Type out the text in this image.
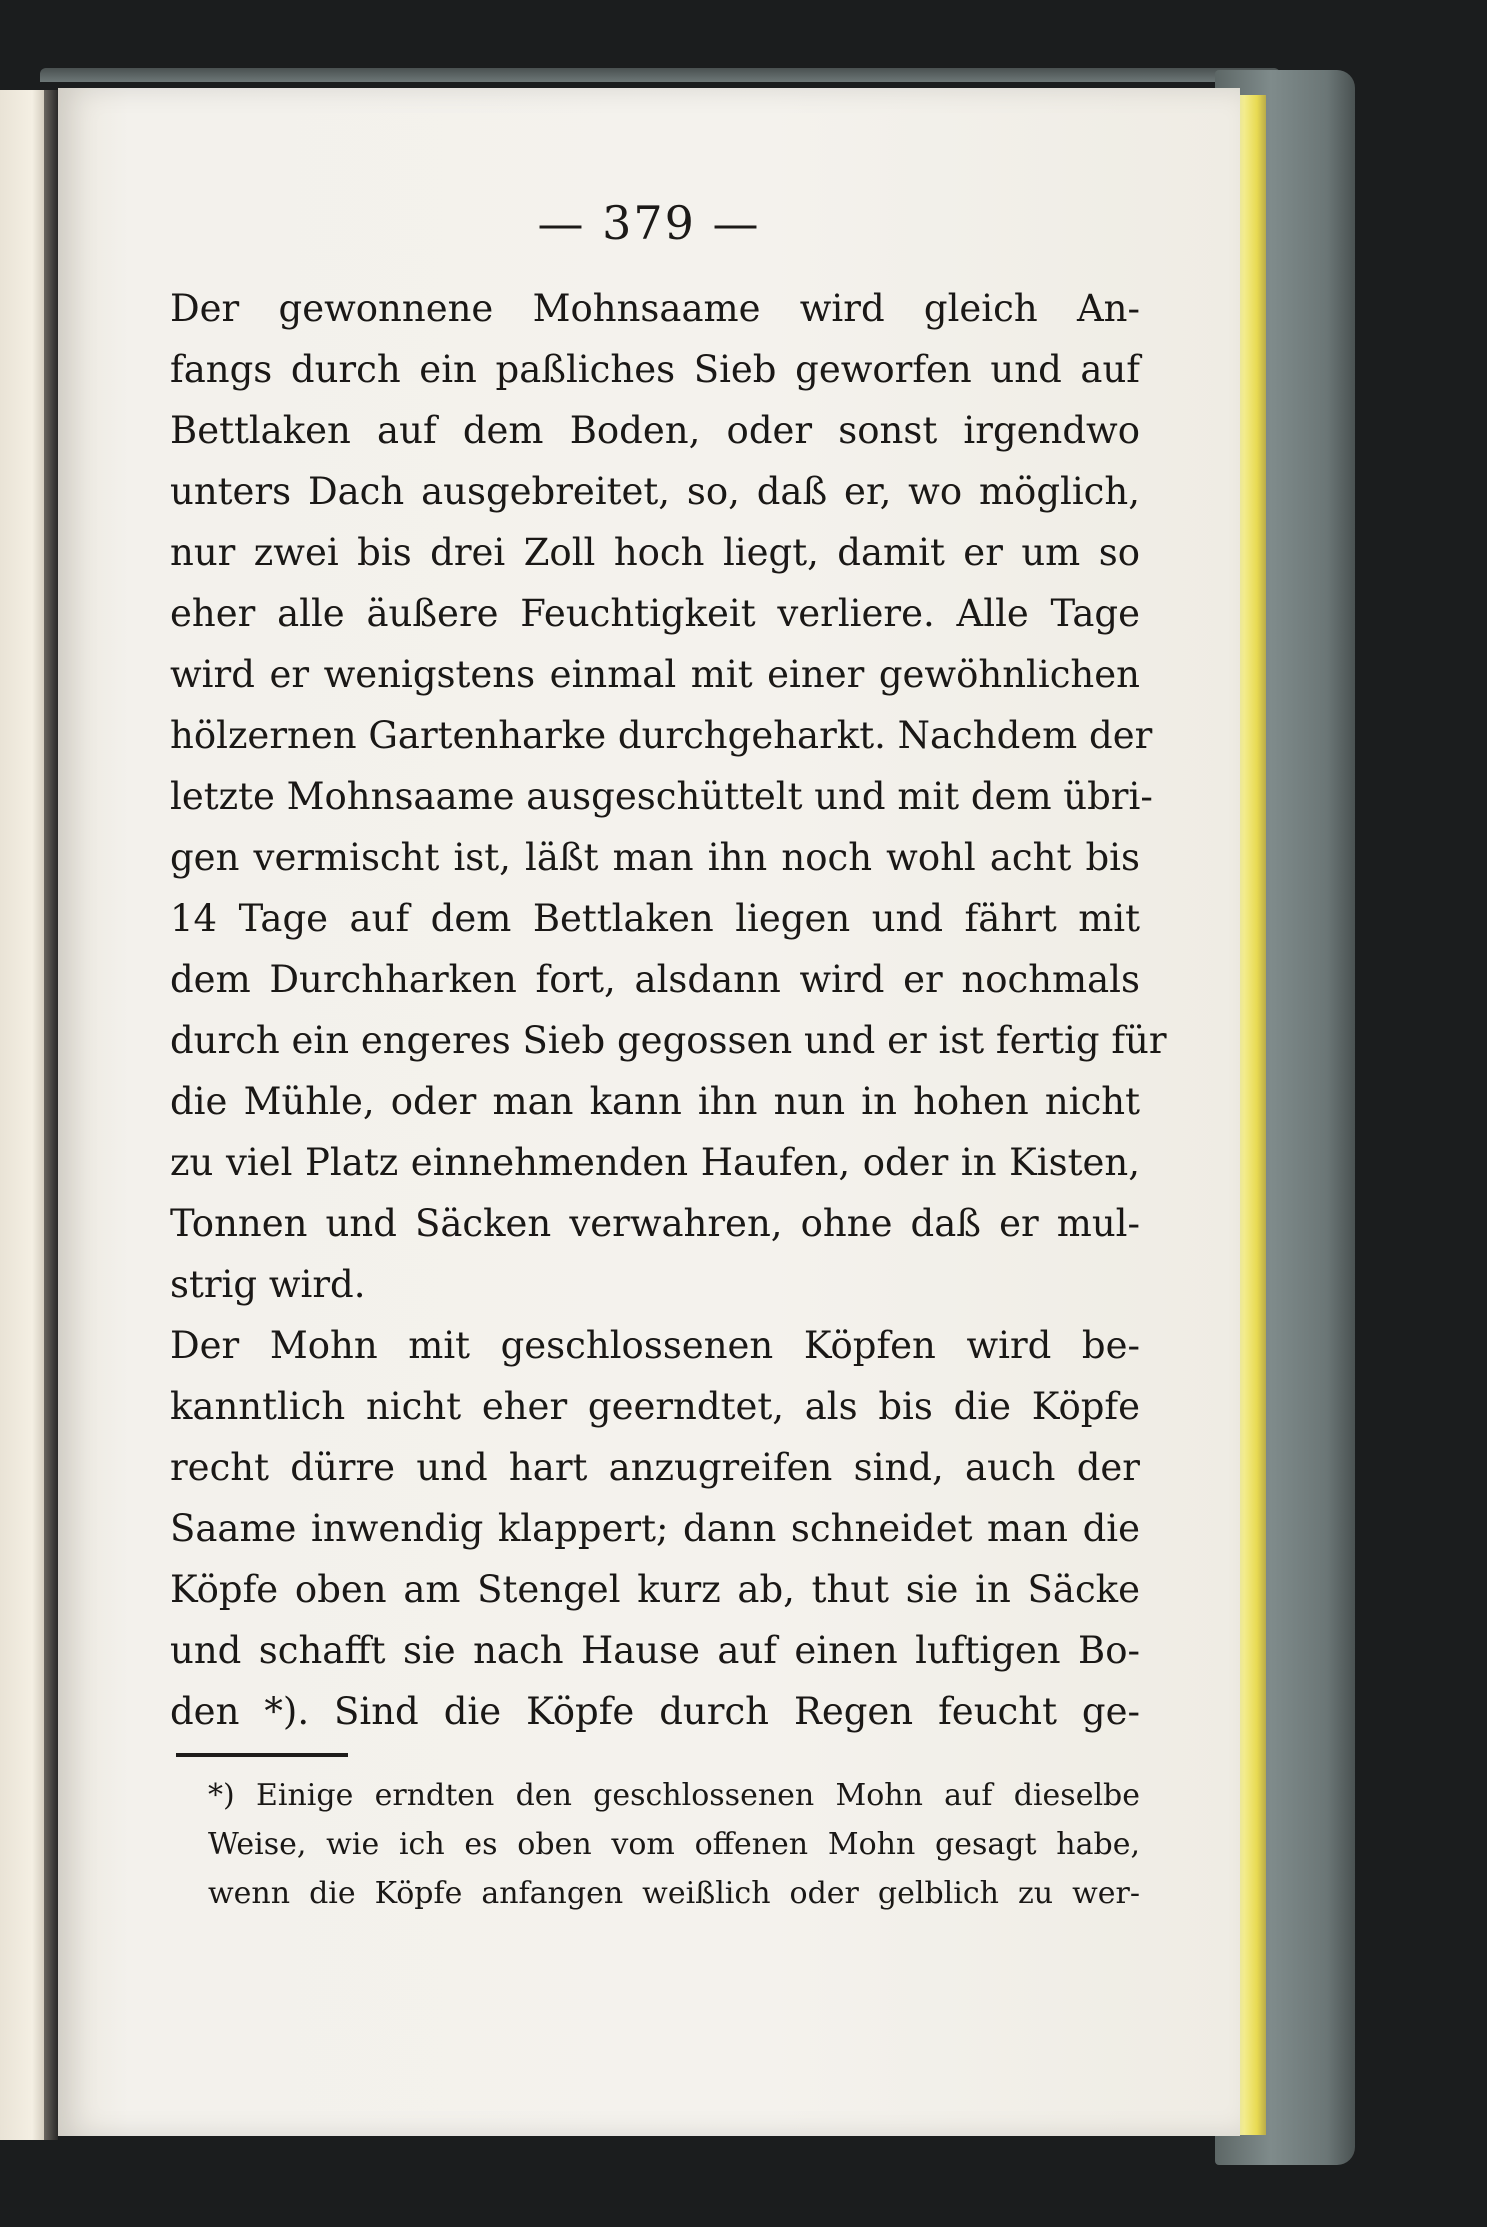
— 379 —

Der gewonnene Mohnsaame wird gleich An-
fangs durch ein paßliches Sieb geworfen und auf
Bettlaken auf dem Boden, oder sonst irgendwo
unters Dach ausgebreitet, so, daß er, wo möglich,
nur zwei bis drei Zoll hoch liegt, damit er um so
eher alle äußere Feuchtigkeit verliere. Alle Tage
wird er wenigstens einmal mit einer gewöhnlichen
hölzernen Gartenharke durchgeharkt. Nachdem der
letzte Mohnsaame ausgeschüttelt und mit dem übri-
gen vermischt ist, läßt man ihn noch wohl acht bis
14 Tage auf dem Bettlaken liegen und fährt mit
dem Durchharken fort, alsdann wird er nochmals
durch ein engeres Sieb gegossen und er ist fertig für
die Mühle, oder man kann ihn nun in hohen nicht
zu viel Platz einnehmenden Haufen, oder in Kisten,
Tonnen und Säcken verwahren, ohne daß er mul-
strig wird.
Der Mohn mit geschlossenen Köpfen wird be-
kanntlich nicht eher geerndtet, als bis die Köpfe
recht dürre und hart anzugreifen sind, auch der
Saame inwendig klappert; dann schneidet man die
Köpfe oben am Stengel kurz ab, thut sie in Säcke
und schafft sie nach Hause auf einen luftigen Bo-
den *). Sind die Köpfe durch Regen feucht ge-

*) Einige erndten den geschlossenen Mohn auf dieselbe
Weise, wie ich es oben vom offenen Mohn gesagt habe,
wenn die Köpfe anfangen weißlich oder gelblich zu wer-
